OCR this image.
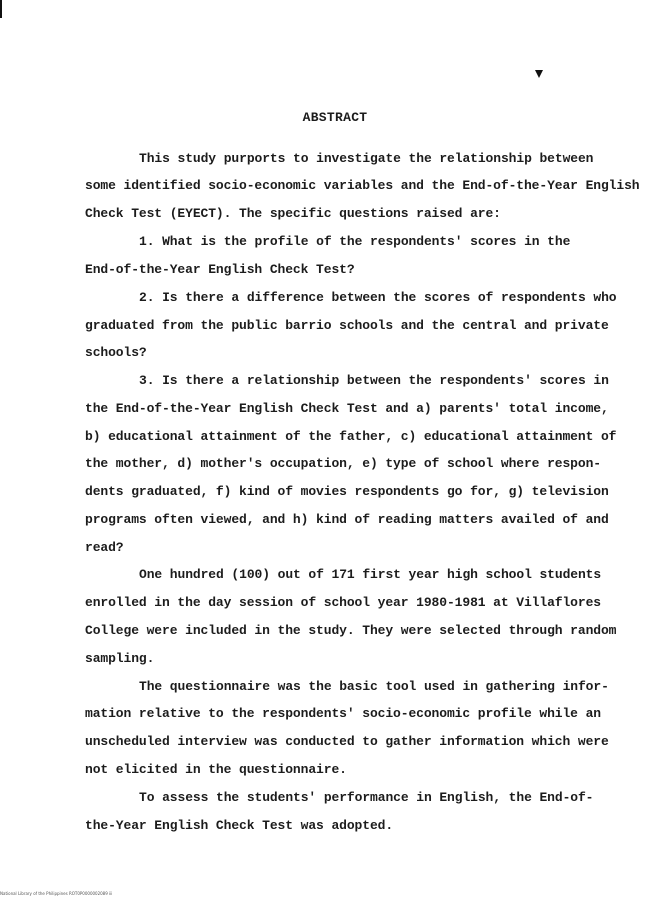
ABSTRACT
This study purports to investigate the relationship between
some identified socio-economic variables and the End-of-the-Year English
Check Test (EYECT). The specific questions raised are:
1. What is the profile of the respondents' scores in the
End-of-the-Year English Check Test?
2. Is there a difference between the scores of respondents who
graduated from the public barrio schools and the central and private
schools?
3. Is there a relationship between the respondents' scores in
the End-of-the-Year English Check Test and a) parents' total income,
b) educational attainment of the father, c) educational attainment of
the mother, d) mother's occupation, e) type of school where respon-
dents graduated, f) kind of movies respondents go for, g) television
programs often viewed, and h) kind of reading matters availed of and
read?
One hundred (100) out of 171 first year high school students
enrolled in the day session of school year 1980-1981 at Villaflores
College were included in the study. They were selected through random
sampling.
The questionnaire was the basic tool used in gathering infor-
mation relative to the respondents' socio-economic profile while an
unscheduled interview was conducted to gather information which were
not elicited in the questionnaire.
To assess the students' performance in English, the End-of-
the-Year English Check Test was adopted.
National Library of the Philippines ROT0P0000002089 iii
